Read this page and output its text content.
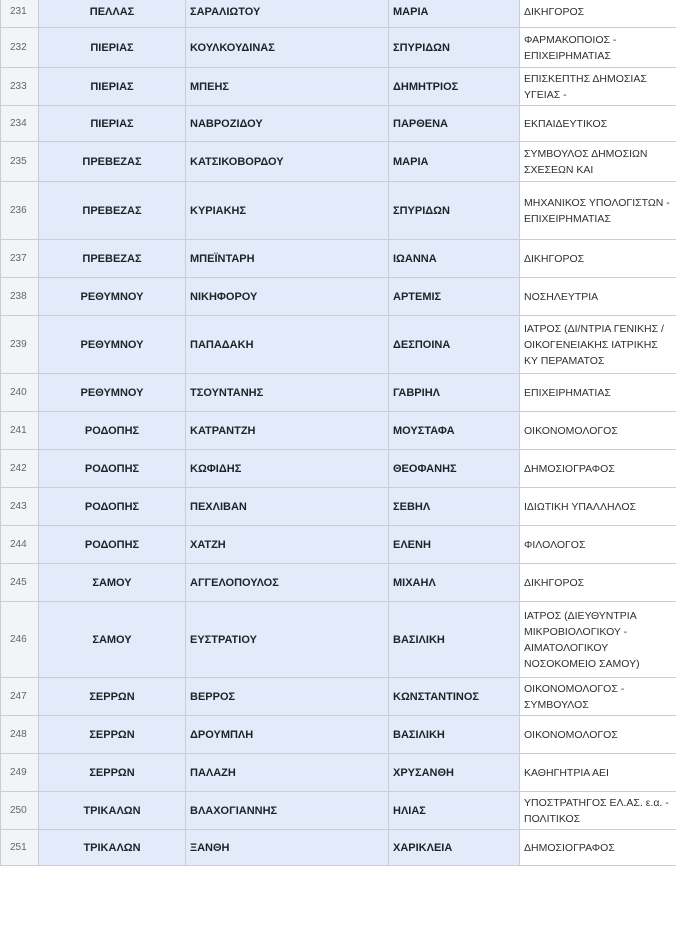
231	ΠΕΛΛΑΣ	ΣΑΡΑΛΙΩΤΟΥ	ΜΑΡΙΑ	ΔΙΚΗΓΟΡΟΣ
232	ΠΙΕΡΙΑΣ	ΚΟΥΛΚΟΥΔΙΝΑΣ	ΣΠΥΡΙΔΩΝ	ΦΑΡΜΑΚΟΠΟΙΟΣ - ΕΠΙΧΕΙΡΗΜΑΤΙΑΣ
233	ΠΙΕΡΙΑΣ	ΜΠΕΗΣ	ΔΗΜΗΤΡΙΟΣ	ΕΠΙΣΚΕΠΤΗΣ ΔΗΜΟΣΙΑΣ ΥΓΕΙΑΣ -
234	ΠΙΕΡΙΑΣ	ΝΑΒΡΟΖΙΔΟΥ	ΠΑΡΘΕΝΑ	ΕΚΠΑΙΔΕΥΤΙΚΟΣ
235	ΠΡΕΒΕΖΑΣ	ΚΑΤΣΙΚΟΒΟΡΔΟΥ	ΜΑΡΙΑ	ΣΥΜΒΟΥΛΟΣ ΔΗΜΟΣΙΩΝ ΣΧΕΣΕΩΝ ΚΑΙ
236	ΠΡΕΒΕΖΑΣ	ΚΥΡΙΑΚΗΣ	ΣΠΥΡΙΔΩΝ	ΜΗΧΑΝΙΚΟΣ ΥΠΟΛΟΓΙΣΤΩΝ - ΕΠΙΧΕΙΡΗΜΑΤΙΑΣ
237	ΠΡΕΒΕΖΑΣ	ΜΠΕΪΝΤΑΡΗ	ΙΩΑΝΝΑ	ΔΙΚΗΓΟΡΟΣ
238	ΡΕΘΥΜΝΟΥ	ΝΙΚΗΦΟΡΟΥ	ΑΡΤΕΜΙΣ	ΝΟΣΗΛΕΥΤΡΙΑ
239	ΡΕΘΥΜΝΟΥ	ΠΑΠΑΔΑΚΗ	ΔΕΣΠΟΙΝΑ	ΙΑΤΡΟΣ (ΔΙ/ΝΤΡΙΑ ΓΕΝΙΚΗΣ / ΟΙΚΟΓΕΝΕΙΑΚΗΣ ΙΑΤΡΙΚΗΣ ΚΥ ΠΕΡΑΜΑΤΟΣ
240	ΡΕΘΥΜΝΟΥ	ΤΣΟΥΝΤΑΝΗΣ	ΓΑΒΡΙΗΛ	ΕΠΙΧΕΙΡΗΜΑΤΙΑΣ
241	ΡΟΔΟΠΗΣ	ΚΑΤΡΑΝΤΖΗ	ΜΟΥΣΤΑΦΑ	ΟΙΚΟΝΟΜΟΛΟΓΟΣ
242	ΡΟΔΟΠΗΣ	ΚΩΦΙΔΗΣ	ΘΕΟΦΑΝΗΣ	ΔΗΜΟΣΙΟΓΡΑΦΟΣ
243	ΡΟΔΟΠΗΣ	ΠΕΧΛΙΒΑΝ	ΣΕΒΗΛ	ΙΔΙΩΤΙΚΗ ΥΠΑΛΛΗΛΟΣ
244	ΡΟΔΟΠΗΣ	ΧΑΤΖΗ	ΕΛΕΝΗ	ΦΙΛΟΛΟΓΟΣ
245	ΣΑΜΟΥ	ΑΓΓΕΛΟΠΟΥΛΟΣ	ΜΙΧΑΗΛ	ΔΙΚΗΓΟΡΟΣ
246	ΣΑΜΟΥ	ΕΥΣΤΡΑΤΙΟΥ	ΒΑΣΙΛΙΚΗ	ΙΑΤΡΟΣ (ΔΙΕΥΘΥΝΤΡΙΑ ΜΙΚΡΟΒΙΟΛΟΓΙΚΟΥ - ΑΙΜΑΤΟΛΟΓΙΚΟΥ ΝΟΣΟΚΟΜΕΙΟ ΣΑΜΟΥ)
247	ΣΕΡΡΩΝ	ΒΕΡΡΟΣ	ΚΩΝΣΤΑΝΤΙΝΟΣ	ΟΙΚΟΝΟΜΟΛΟΓΟΣ - ΣΥΜΒΟΥΛΟΣ
248	ΣΕΡΡΩΝ	ΔΡΟΥΜΠΛΗ	ΒΑΣΙΛΙΚΗ	ΟΙΚΟΝΟΜΟΛΟΓΟΣ
249	ΣΕΡΡΩΝ	ΠΑΛΑΖΗ	ΧΡΥΣΑΝΘΗ	ΚΑΘΗΓΗΤΡΙΑ ΑΕΙ
250	ΤΡΙΚΑΛΩΝ	ΒΛΑΧΟΓΙΑΝΝΗΣ	ΗΛΙΑΣ	ΥΠΟΣΤΡΑΤΗΓΟΣ ΕΛ.ΑΣ. ε.α. - ΠΟΛΙΤΙΚΟΣ
251	ΤΡΙΚΑΛΩΝ	ΞΑΝΘΗ	ΧΑΡΙΚΛΕΙΑ	ΔΗΜΟΣΙΟΓΡΑΦΟΣ
